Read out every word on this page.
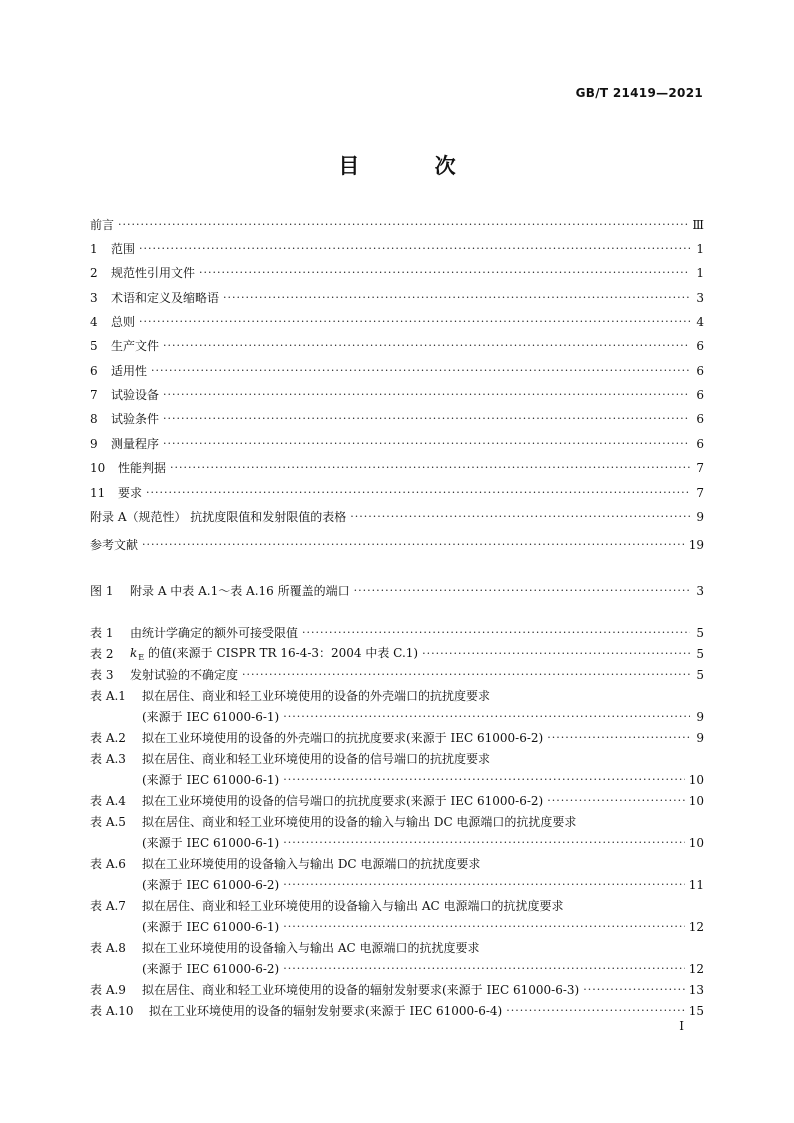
GB/T 21419—2021
目 次
前言 ·····	Ⅲ
1	范围 ·····	1
2	规范性引用文件 ·····	1
3	术语和定义及缩略语 ·····	3
4	总则 ·····	4
5	生产文件 ·····	6
6	适用性 ·····	6
7	试验设备 ·····	6
8	试验条件 ·····	6
9	测量程序 ·····	6
10	性能判据 ·····	7
11	要求 ·····	7
附录 A（规范性） 抗扰度限值和发射限值的表格 ·····	9
参考文献 ·····	19
图 1	附录 A 中表 A.1～表 A.16 所覆盖的端口 ·····	3
表 1	由统计学确定的额外可接受限值 ·····	5
表 2	$k_E$ 的值(来源于 CISPR TR 16-4-3：2004 中表 C.1) ·····	5
表 3	发射试验的不确定度 ·····	5
表 A.1	拟在居住、商业和轻工业环境使用的设备的外壳端口的抗扰度要求
(来源于 IEC 61000-6-1) ·····	9
表 A.2	拟在工业环境使用的设备的外壳端口的抗扰度要求(来源于 IEC 61000-6-2) ·····	9
表 A.3	拟在居住、商业和轻工业环境使用的设备的信号端口的抗扰度要求
(来源于 IEC 61000-6-1) ·····	10
表 A.4	拟在工业环境使用的设备的信号端口的抗扰度要求(来源于 IEC 61000-6-2) ·····	10
表 A.5	拟在居住、商业和轻工业环境使用的设备的输入与输出 DC 电源端口的抗扰度要求
(来源于 IEC 61000-6-1) ·····	10
表 A.6	拟在工业环境使用的设备输入与输出 DC 电源端口的抗扰度要求
(来源于 IEC 61000-6-2) ·····	11
表 A.7	拟在居住、商业和轻工业环境使用的设备输入与输出 AC 电源端口的抗扰度要求
(来源于 IEC 61000-6-1) ·····	12
表 A.8	拟在工业环境使用的设备输入与输出 AC 电源端口的抗扰度要求
(来源于 IEC 61000-6-2) ·····	12
表 A.9	拟在居住、商业和轻工业环境使用的设备的辐射发射要求(来源于 IEC 61000-6-3) ·····	13
表 A.10	拟在工业环境使用的设备的辐射发射要求(来源于 IEC 61000-6-4) ·····	15
I
